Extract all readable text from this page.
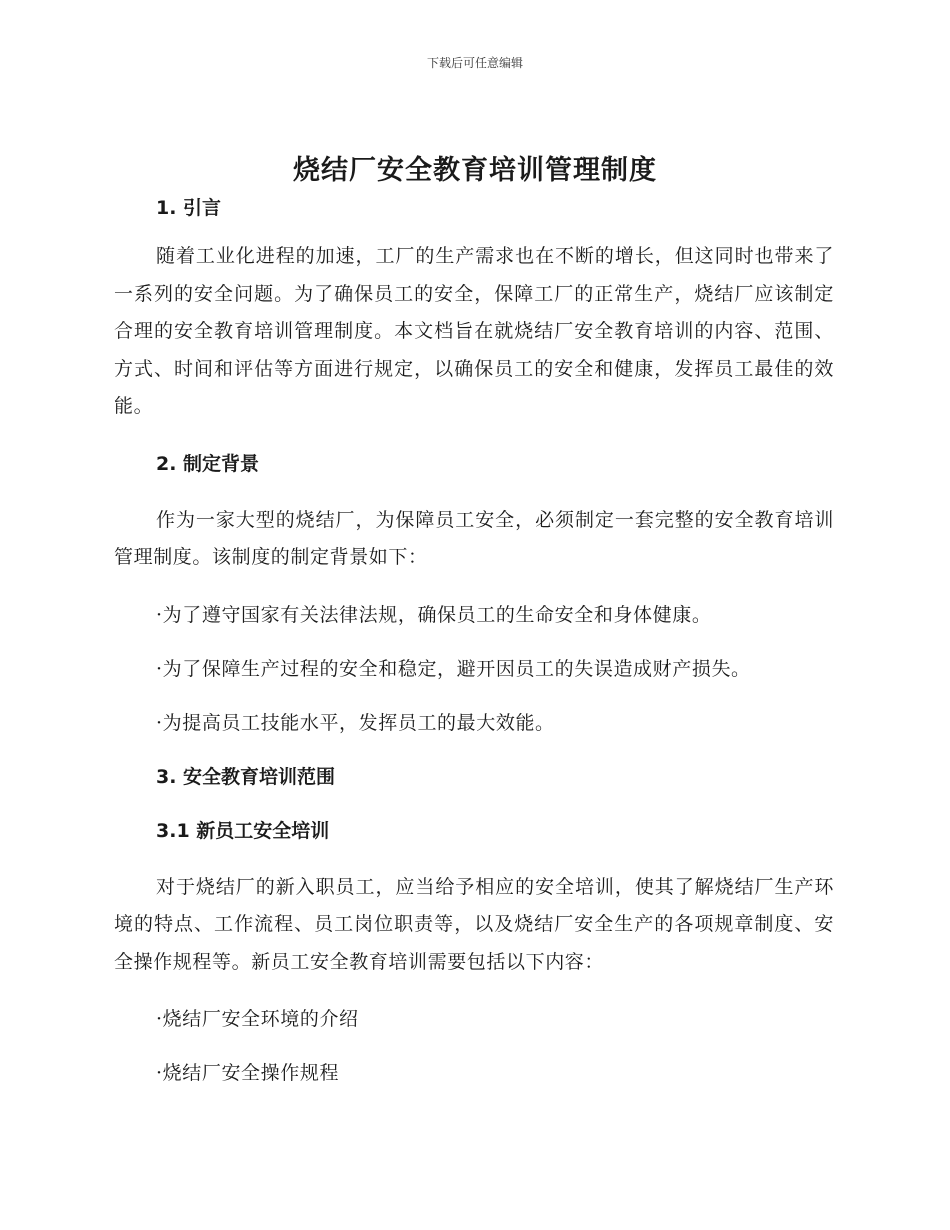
下载后可任意编辑
烧结厂安全教育培训管理制度

1. 引言

随着工业化进程的加速，工厂的生产需求也在不断的增长，但这同时也带来了一系列的安全问题。为了确保员工的安全，保障工厂的正常生产，烧结厂应该制定合理的安全教育培训管理制度。本文档旨在就烧结厂安全教育培训的内容、范围、方式、时间和评估等方面进行规定，以确保员工的安全和健康，发挥员工最佳的效能。

2. 制定背景

作为一家大型的烧结厂，为保障员工安全，必须制定一套完整的安全教育培训管理制度。该制度的制定背景如下：

·为了遵守国家有关法律法规，确保员工的生命安全和身体健康。

·为了保障生产过程的安全和稳定，避开因员工的失误造成财产损失。

·为提高员工技能水平，发挥员工的最大效能。

3. 安全教育培训范围

3.1 新员工安全培训

对于烧结厂的新入职员工，应当给予相应的安全培训，使其了解烧结厂生产环境的特点、工作流程、员工岗位职责等，以及烧结厂安全生产的各项规章制度、安全操作规程等。新员工安全教育培训需要包括以下内容：

·烧结厂安全环境的介绍

·烧结厂安全操作规程
